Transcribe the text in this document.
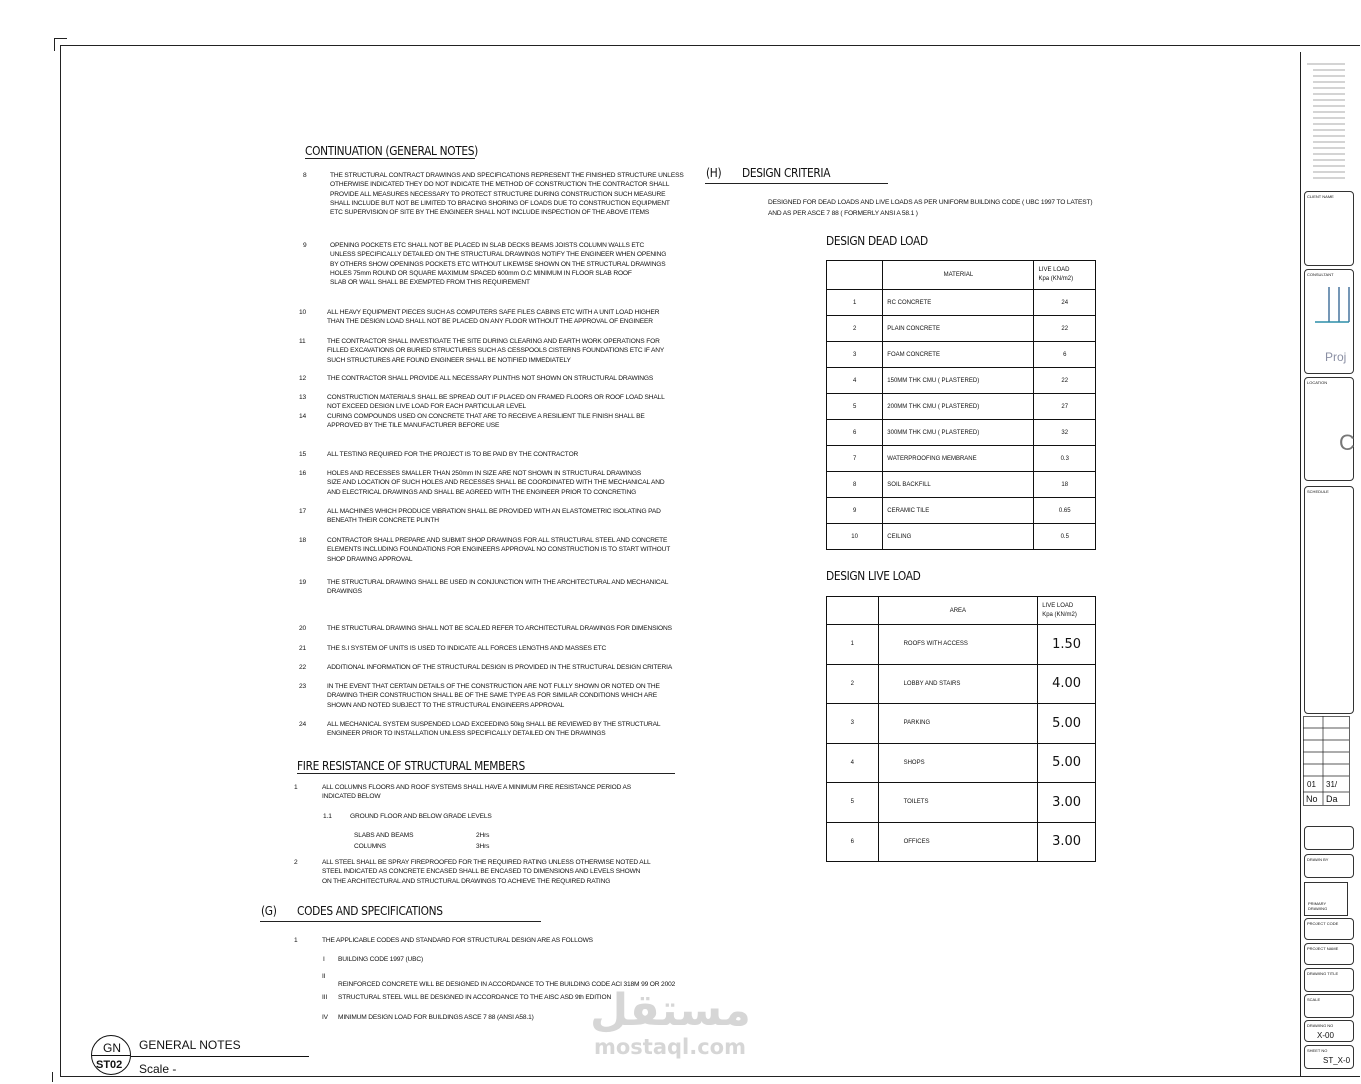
CONTINUATION (GENERAL NOTES)
8	THE STRUCTURAL CONTRACT DRAWINGS AND SPECIFICATIONS REPRESENT THE FINISHED STRUCTURE UNLESS
OTHERWISE INDICATED THEY DO NOT INDICATE THE METHOD OF CONSTRUCTION THE CONTRACTOR SHALL
PROVIDE ALL MEASURES NECESSARY TO PROTECT STRUCTURE DURING CONSTRUCTION SUCH MEASURE
SHALL INCLUDE BUT NOT BE LIMITED TO BRACING SHORING OF LOADS DUE TO CONSTRUCTION EQUIPMENT
ETC SUPERVISION OF SITE BY THE ENGINEER SHALL NOT INCLUDE INSPECTION OF THE ABOVE ITEMS
9	OPENING POCKETS ETC SHALL NOT BE PLACED IN SLAB DECKS BEAMS JOISTS COLUMN WALLS ETC
UNLESS SPECIFICALLY DETAILED ON THE STRUCTURAL DRAWINGS NOTIFY THE ENGINEER WHEN OPENING
BY OTHERS SHOW OPENINGS POCKETS ETC WITHOUT LIKEWISE SHOWN ON THE STRUCTURAL DRAWINGS
HOLES 75mm ROUND OR SQUARE MAXIMUM SPACED 600mm O.C MINIMUM IN FLOOR SLAB ROOF
SLAB OR WALL SHALL BE EXEMPTED FROM THIS REQUIREMENT
10	ALL HEAVY EQUIPMENT PIECES SUCH AS COMPUTERS SAFE FILES CABINS ETC WITH A UNIT LOAD HIGHER
THAN THE DESIGN LOAD SHALL NOT BE PLACED ON ANY FLOOR WITHOUT THE APPROVAL OF ENGINEER
11	THE CONTRACTOR SHALL INVESTIGATE THE SITE DURING CLEARING AND EARTH WORK OPERATIONS FOR
FILLED EXCAVATIONS OR BURIED STRUCTURES SUCH AS CESSPOOLS CISTERNS FOUNDATIONS ETC IF ANY
SUCH STRUCTURES ARE FOUND ENGINEER SHALL BE NOTIFIED IMMEDIATELY
12	THE CONTRACTOR SHALL PROVIDE ALL NECESSARY PLINTHS NOT SHOWN ON STRUCTURAL DRAWINGS
13	CONSTRUCTION MATERIALS SHALL BE SPREAD OUT IF PLACED ON FRAMED FLOORS OR ROOF LOAD SHALL
NOT EXCEED DESIGN LIVE LOAD FOR EACH PARTICULAR LEVEL
14	CURING COMPOUNDS USED ON CONCRETE THAT ARE TO RECEIVE A RESILIENT TILE FINISH SHALL BE
APPROVED BY THE TILE MANUFACTURER BEFORE USE
15	ALL TESTING REQUIRED FOR THE PROJECT IS TO BE PAID BY THE CONTRACTOR
16	HOLES AND RECESSES SMALLER THAN 250mm IN SIZE ARE NOT SHOWN IN STRUCTURAL DRAWINGS
SIZE AND LOCATION OF SUCH HOLES AND RECESSES SHALL BE COORDINATED WITH THE MECHANICAL AND
AND ELECTRICAL DRAWINGS AND SHALL BE AGREED WITH THE ENGINEER PRIOR TO CONCRETING
17	ALL MACHINES WHICH PRODUCE VIBRATION SHALL BE PROVIDED WITH AN ELASTOMETRIC ISOLATING PAD
BENEATH THEIR CONCRETE PLINTH
18	CONTRACTOR SHALL PREPARE AND SUBMIT SHOP DRAWINGS FOR ALL STRUCTURAL STEEL AND CONCRETE
ELEMENTS INCLUDING FOUNDATIONS FOR ENGINEERS APPROVAL NO CONSTRUCTION IS TO START WITHOUT
SHOP DRAWING APPROVAL
19	THE STRUCTURAL DRAWING SHALL BE USED IN CONJUNCTION WITH THE ARCHITECTURAL AND MECHANICAL
DRAWINGS
20	THE STRUCTURAL DRAWING SHALL NOT BE SCALED REFER TO ARCHITECTURAL DRAWINGS FOR DIMENSIONS
21	THE S.I SYSTEM OF UNITS IS USED TO INDICATE ALL FORCES LENGTHS AND MASSES ETC
22	ADDITIONAL INFORMATION OF THE STRUCTURAL DESIGN IS PROVIDED IN THE STRUCTURAL DESIGN CRITERIA
23	IN THE EVENT THAT CERTAIN DETAILS OF THE CONSTRUCTION ARE NOT FULLY SHOWN OR NOTED ON THE
DRAWING THEIR CONSTRUCTION SHALL BE OF THE SAME TYPE AS FOR SIMILAR CONDITIONS WHICH ARE
SHOWN AND NOTED SUBJECT TO THE STRUCTURAL ENGINEERS APPROVAL
24	ALL MECHANICAL SYSTEM SUSPENDED LOAD EXCEEDING 50kg SHALL BE REVIEWED BY THE STRUCTURAL
ENGINEER PRIOR TO INSTALLATION UNLESS SPECIFICALLY DETAILED ON THE DRAWINGS
FIRE RESISTANCE OF STRUCTURAL MEMBERS
1	ALL COLUMNS FLOORS AND ROOF SYSTEMS SHALL HAVE A MINIMUM FIRE RESISTANCE PERIOD AS
INDICATED BELOW
1.1	GROUND FLOOR AND BELOW GRADE LEVELS
SLABS AND BEAMS	2Hrs
COLUMNS	3Hrs
2	ALL STEEL SHALL BE SPRAY FIREPROOFED FOR THE REQUIRED RATING UNLESS OTHERWISE NOTED ALL
STEEL INDICATED AS CONCRETE ENCASED SHALL BE ENCASED TO DIMENSIONS AND LEVELS SHOWN
ON THE ARCHITECTURAL AND STRUCTURAL DRAWINGS TO ACHIEVE THE REQUIRED RATING
(G) CODES AND SPECIFICATIONS
1	THE APPLICABLE CODES AND STANDARD FOR STRUCTURAL DESIGN ARE AS FOLLOWS
I BUILDING CODE 1997 (UBC)
II
REINFORCED CONCRETE WILL BE DESIGNED IN ACCORDANCE TO THE BUILDING CODE ACI 318M 99 OR 2002
III STRUCTURAL STEEL WILL BE DESIGNED IN ACCORDANCE TO THE AISC ASD 9th EDITION
IV MINIMUM DESIGN LOAD FOR BUILDINGS ASCE 7 88 (ANSI A58.1)
(H) DESIGN CRITERIA
DESIGNED FOR DEAD LOADS AND LIVE LOADS AS PER UNIFORM BUILDING CODE ( UBC 1997 TO LATEST)
AND AS PER ASCE 7 88 ( FORMERLY ANSI A 58.1 )
DESIGN DEAD LOAD
	MATERIAL	LIVE LOAD
Kpa (KN/m2)

1	RC CONCRETE	24
2	PLAIN CONCRETE	22
3	FOAM CONCRETE	6
4	150MM THK CMU ( PLASTERED)	22
5	200MM THK CMU ( PLASTERED)	27
6	300MM THK CMU ( PLASTERED)	32
7	WATERPROOFING MEMBRANE	0.3
8	SOIL BACKFILL	18
9	CERAMIC TILE	0.65
10	CEILING	0.5
DESIGN LIVE LOAD
	AREA	LIVE LOAD
Kpa (KN/m2)

1	ROOFS WITH ACCESS	1.50
2	LOBBY AND STAIRS	4.00
3	PARKING	5.00
4	SHOPS	5.00
5	TOILETS	3.00
6	OFFICES	3.00
GN
ST02
GENERAL NOTES
Scale -
مستقل
mostaql.com
CLIENT NAME
CONSULTANT
Proj
LOCATION
C
SCHEDULE
01 31/
No Da
DRAWN BY
PRIMARY DRAWING
PROJECT CODE
PROJECT NAME
DRAWING TITLE
SCALE
DRAWING NO
X-00
SHEET NO
ST_X-0
